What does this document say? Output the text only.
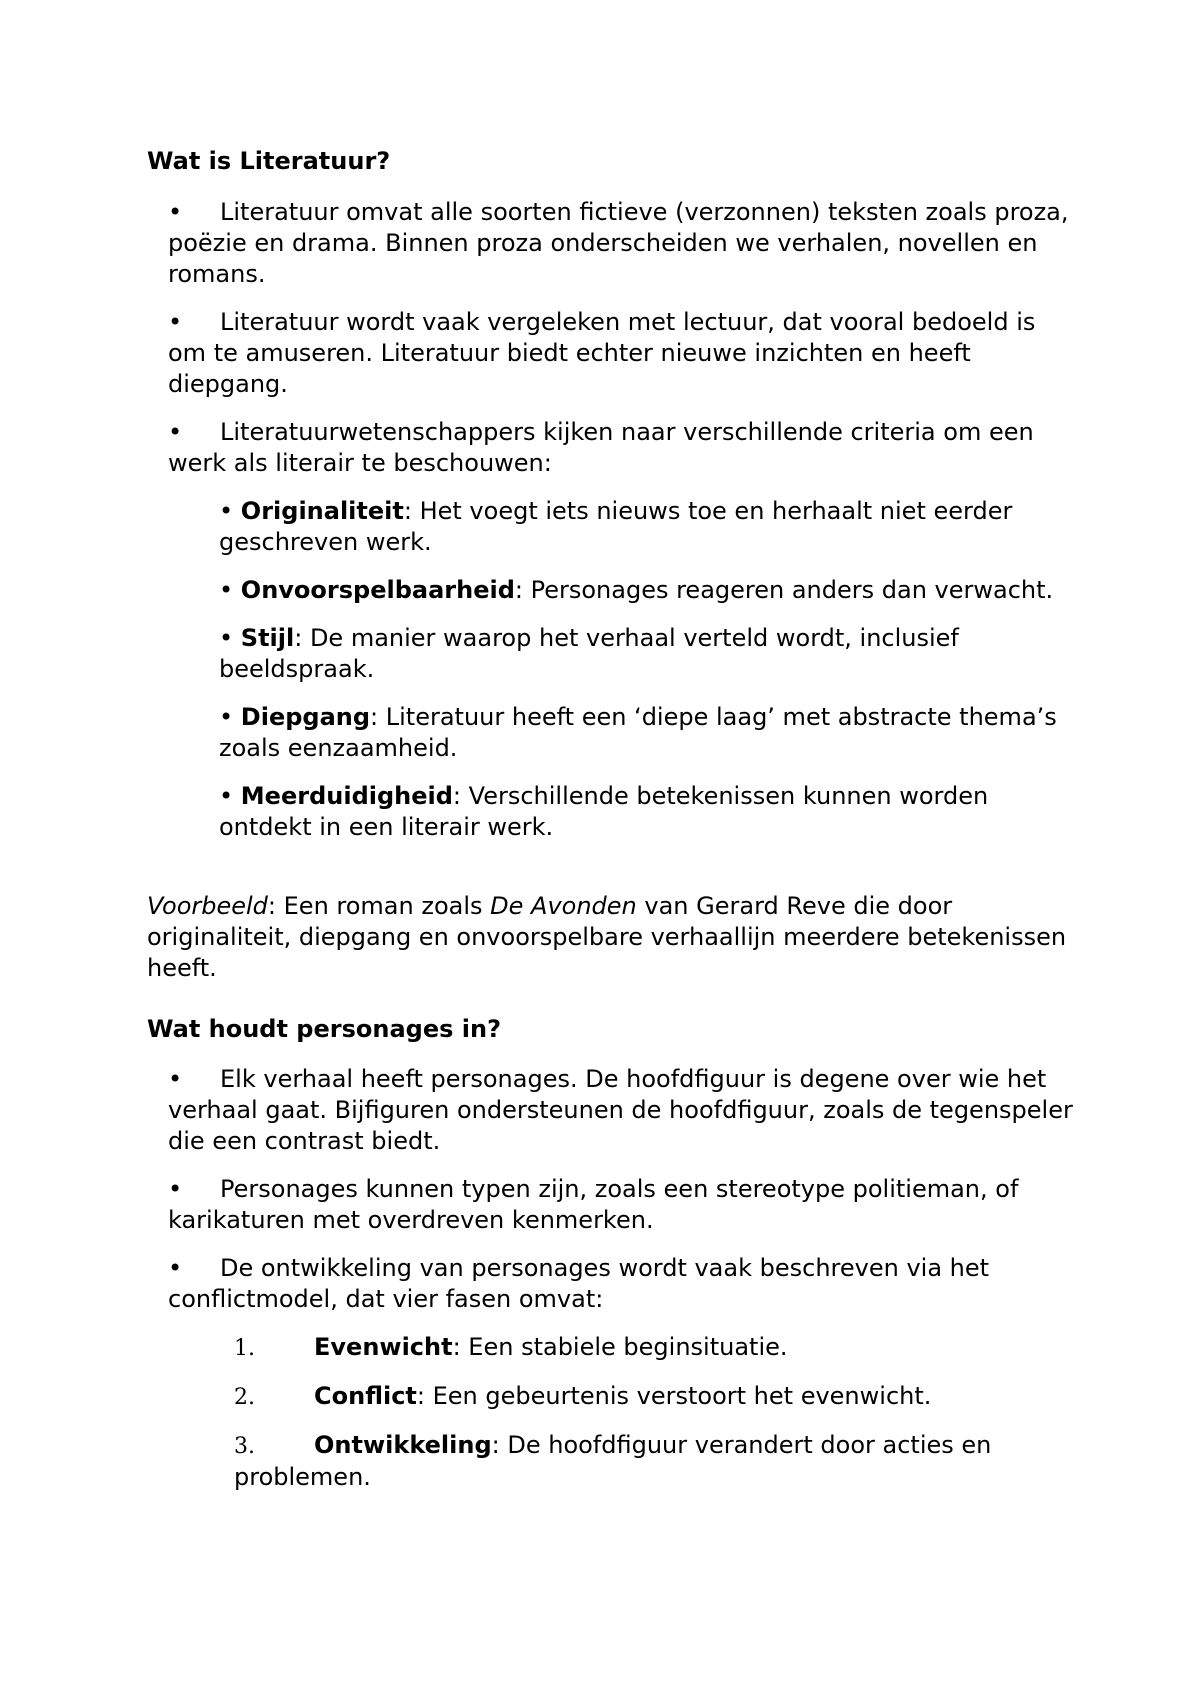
Wat is Literatuur?
• Literatuur omvat alle soorten fictieve (verzonnen) teksten zoals proza, poëzie en drama. Binnen proza onderscheiden we verhalen, novellen en romans.
• Literatuur wordt vaak vergeleken met lectuur, dat vooral bedoeld is om te amuseren. Literatuur biedt echter nieuwe inzichten en heeft diepgang.
• Literatuurwetenschappers kijken naar verschillende criteria om een werk als literair te beschouwen:
• Originaliteit: Het voegt iets nieuws toe en herhaalt niet eerder geschreven werk.
• Onvoorspelbaarheid: Personages reageren anders dan verwacht.
• Stijl: De manier waarop het verhaal verteld wordt, inclusief beeldspraak.
• Diepgang: Literatuur heeft een ‘diepe laag’ met abstracte thema’s zoals eenzaamheid.
• Meerduidigheid: Verschillende betekenissen kunnen worden ontdekt in een literair werk.

Voorbeeld: Een roman zoals De Avonden van Gerard Reve die door originaliteit, diepgang en onvoorspelbare verhaallijn meerdere betekenissen heeft.

Wat houdt personages in?
• Elk verhaal heeft personages. De hoofdfiguur is degene over wie het verhaal gaat. Bijfiguren ondersteunen de hoofdfiguur, zoals de tegenspeler die een contrast biedt.
• Personages kunnen typen zijn, zoals een stereotype politieman, of karikaturen met overdreven kenmerken.
• De ontwikkeling van personages wordt vaak beschreven via het conflictmodel, dat vier fasen omvat:
1. Evenwicht: Een stabiele beginsituatie.
2. Conflict: Een gebeurtenis verstoort het evenwicht.
3. Ontwikkeling: De hoofdfiguur verandert door acties en problemen.
